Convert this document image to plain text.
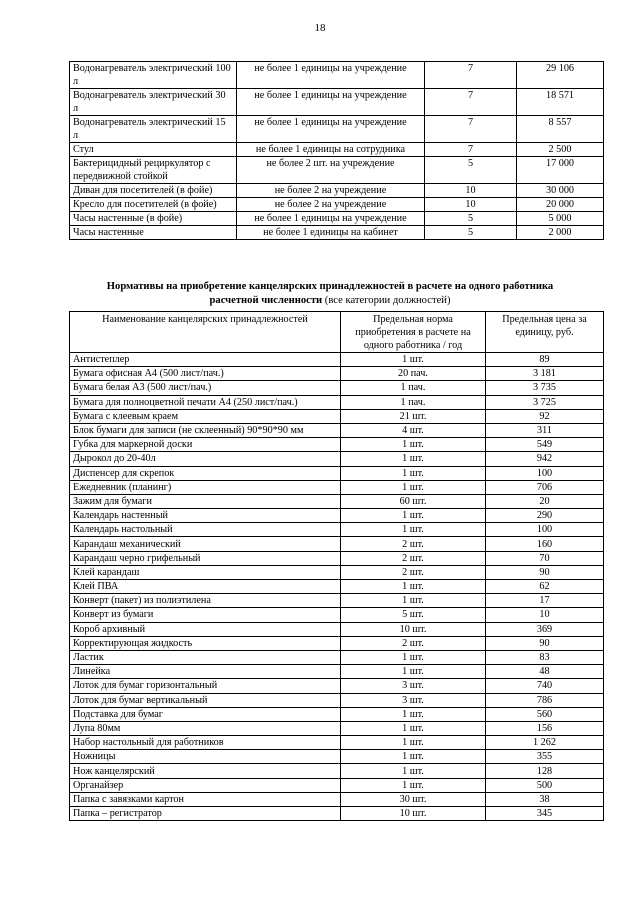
18
Водонагреватель электрический 100 л	не более 1 единицы на учреждение	7	29 106
Водонагреватель электрический 30 л	не более 1 единицы на учреждение	7	18 571
Водонагреватель электрический 15 л	не более 1 единицы на учреждение	7	8 557
Стул	не более 1 единицы на сотрудника	7	2 500
Бактерицидный рециркулятор с передвижной стойкой	не более 2 шт. на учреждение	5	17 000
Диван для посетителей (в фойе)	не более 2 на учреждение	10	30 000
Кресло для посетителей (в фойе)	не более 2 на учреждение	10	20 000
Часы настенные (в фойе)	не более 1 единицы на учреждение	5	5 000
Часы настенные	не более 1 единицы на кабинет	5	2 000
Нормативы на приобретение канцелярских принадлежностей в расчете на одного работника
расчетной численности (все категории должностей)
Наименование канцелярских принадлежностей	Предельная норма приобретения в расчете на одного работника / год	Предельная цена за единицу, руб.
Антистеплер	1 шт.	89
Бумага офисная А4 (500 лист/пач.)	20 пач.	3 181
Бумага белая А3 (500 лист/пач.)	1 пач.	3 735
Бумага для полноцветной печати А4 (250 лист/пач.)	1 пач.	3 725
Бумага с клеевым краем	21 шт.	92
Блок бумаги для записи (не склеенный) 90*90*90 мм	4 шт.	311
Губка для маркерной доски	1 шт.	549
Дырокол до 20-40л	1 шт.	942
Диспенсер для скрепок	1 шт.	100
Ежедневник (планинг)	1 шт.	706
Зажим для бумаги	60 шт.	20
Календарь настенный	1 шт.	290
Календарь настольный	1 шт.	100
Карандаш механический	2 шт.	160
Карандаш черно грифельный	2 шт.	70
Клей карандаш	2 шт.	90
Клей ПВА	1 шт.	62
Конверт (пакет) из полиэтилена	1 шт.	17
Конверт из бумаги	5 шт.	10
Короб архивный	10 шт.	369
Корректирующая жидкость	2 шт.	90
Ластик	1 шт.	83
Линейка	1 шт.	48
Лоток для бумаг горизонтальный	3 шт.	740
Лоток для бумаг вертикальный	3 шт.	786
Подставка для бумаг	1 шт.	560
Лупа 80мм	1 шт.	156
Набор настольный для работников	1 шт.	1 262
Ножницы	1 шт.	355
Нож канцелярский	1 шт.	128
Органайзер	1 шт.	500
Папка с завязками картон	30 шт.	38
Папка – регистратор	10 шт.	345
